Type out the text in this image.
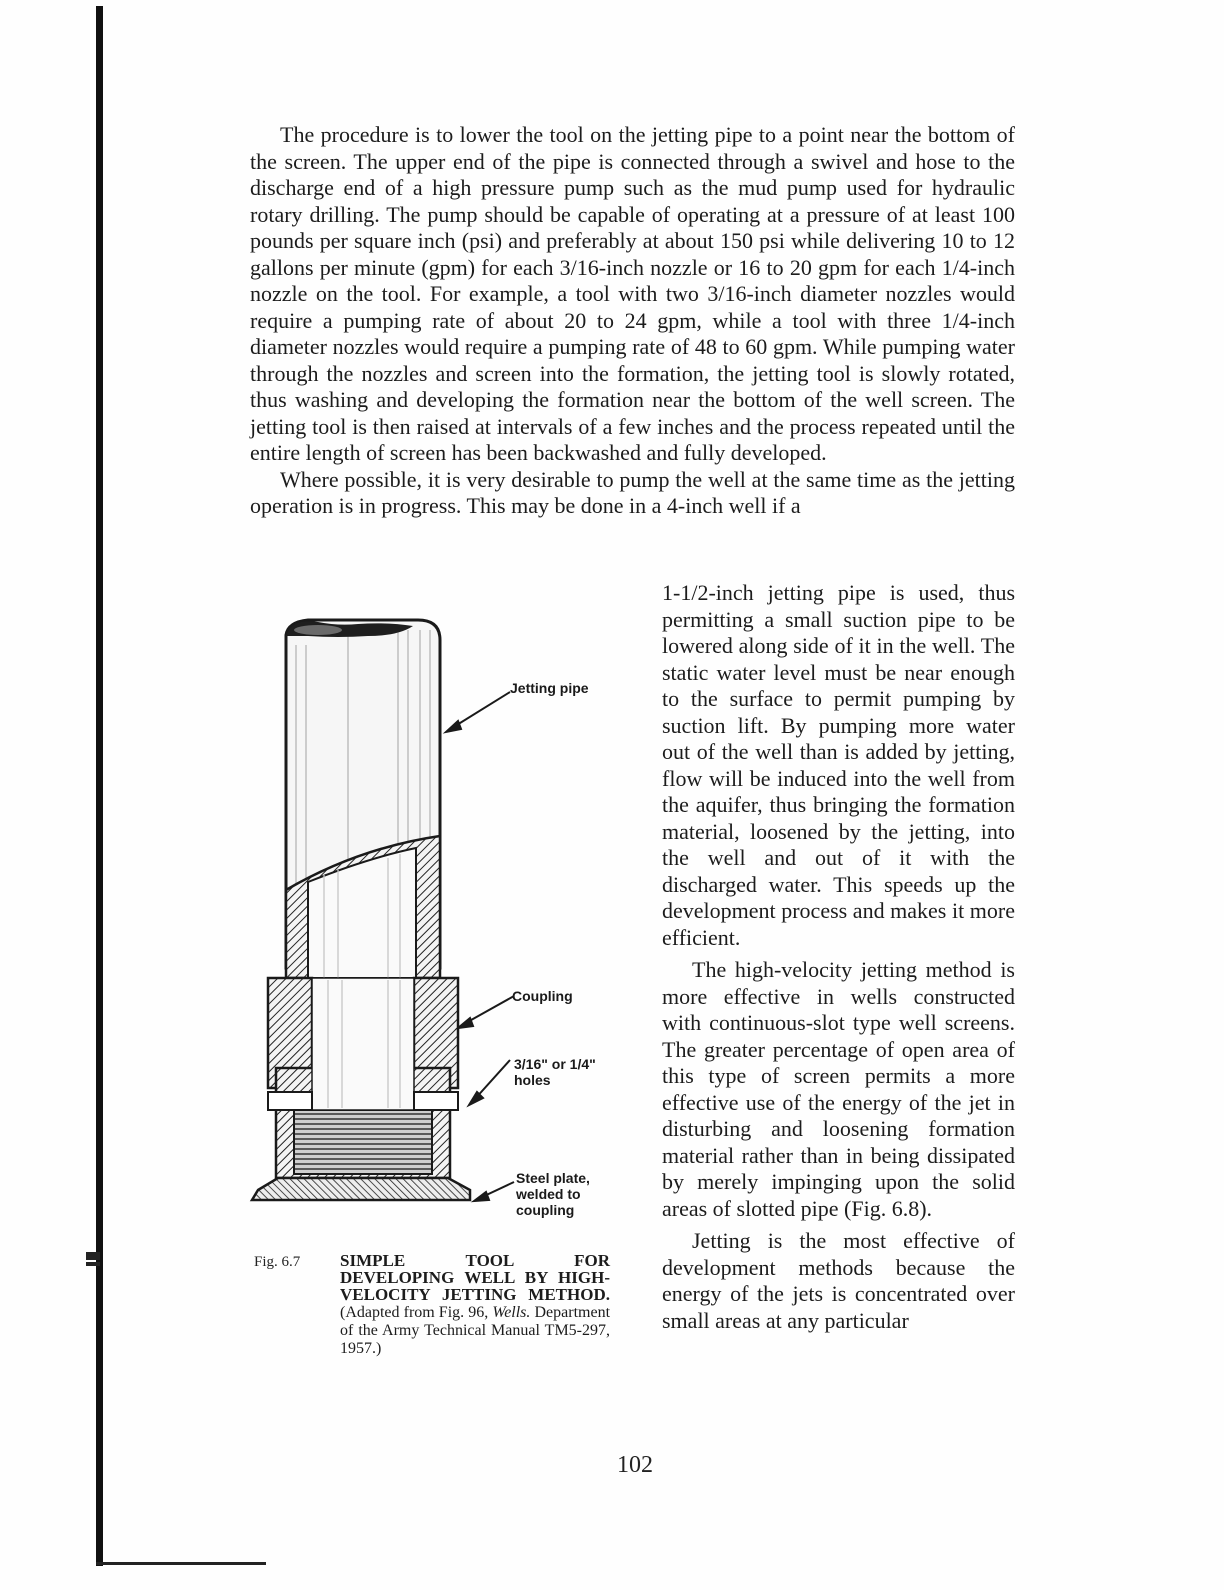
The procedure is to lower the tool on the jetting pipe to a point near the bottom of the screen. The upper end of the pipe is connected through a swivel and hose to the discharge end of a high pressure pump such as the mud pump used for hydraulic rotary drilling. The pump should be capable of operating at a pressure of at least 100 pounds per square inch (psi) and preferably at about 150 psi while delivering 10 to 12 gallons per minute (gpm) for each 3/16-inch nozzle or 16 to 20 gpm for each 1/4-inch nozzle on the tool. For example, a tool with two 3/16-inch diameter nozzles would require a pumping rate of about 20 to 24 gpm, while a tool with three 1/4-inch diameter nozzles would require a pumping rate of 48 to 60 gpm. While pumping water through the nozzles and screen into the formation, the jetting tool is slowly rotated, thus washing and developing the formation near the bottom of the well screen. The jetting tool is then raised at intervals of a few inches and the process repeated until the entire length of screen has been backwashed and fully developed.

Where possible, it is very desirable to pump the well at the same time as the jetting operation is in progress. This may be done in a 4-inch well if a

1-1/2-inch jetting pipe is used, thus permitting a small suction pipe to be lowered along side of it in the well. The static water level must be near enough to the surface to permit pumping by suction lift. By pumping more water out of the well than is added by jetting, flow will be induced into the well from the aquifer, thus bringing the formation material, loosened by the jetting, into the well and out of it with the discharged water. This speeds up the development process and makes it more efficient.

The high-velocity jetting method is more effective in wells constructed with continuous-slot type well screens. The greater percentage of open area of this type of screen permits a more effective use of the energy of the jet in disturbing and loosening formation material rather than in being dissipated by merely impinging upon the solid areas of slotted pipe (Fig. 6.8).

Jetting is the most effective of development methods because the energy of the jets is concentrated over small areas at any particular

Jetting pipe
Coupling
3/16" or 1/4"
holes
Steel plate,
welded to
coupling
Fig. 6.7 SIMPLE TOOL FOR DEVELOPING WELL BY HIGH-VELOCITY JETTING METHOD. (Adapted from Fig. 96, Wells. Department of the Army Technical Manual TM5-297, 1957.)
102
